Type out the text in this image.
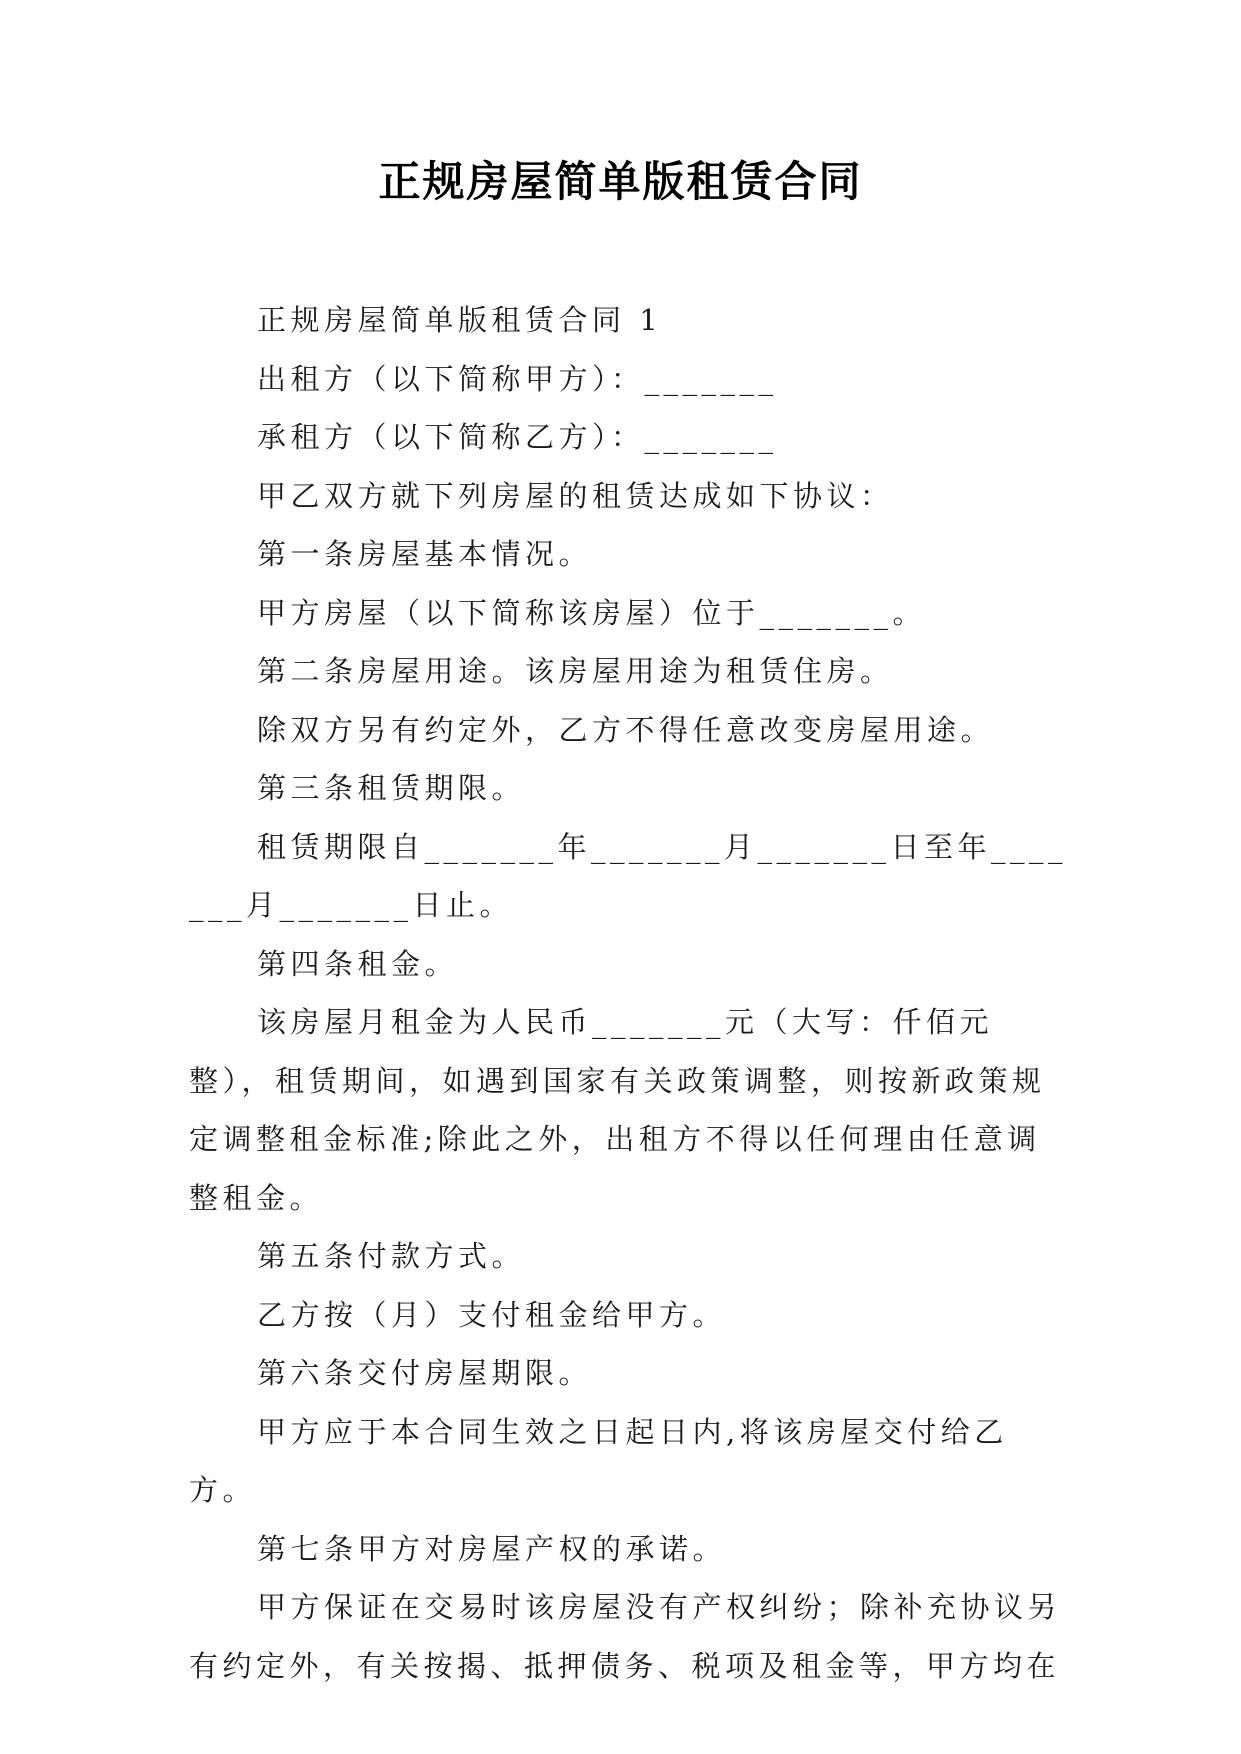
正规房屋简单版租赁合同

正规房屋简单版租赁合同 1

出租方（以下简称甲方）：_______

承租方（以下简称乙方）：_______

甲乙双方就下列房屋的租赁达成如下协议：

第一条房屋基本情况。

甲方房屋（以下简称该房屋）位于_______。

第二条房屋用途。该房屋用途为租赁住房。

除双方另有约定外，乙方不得任意改变房屋用途。

第三条租赁期限。

租赁期限自_______年_______月_______日至年_______月_______日止。

第四条租金。

该房屋月租金为人民币_______元（大写：仟佰元整），租赁期间，如遇到国家有关政策调整，则按新政策规定调整租金标准;除此之外，出租方不得以任何理由任意调整租金。

第五条付款方式。

乙方按（月）支付租金给甲方。

第六条交付房屋期限。

甲方应于本合同生效之日起日内,将该房屋交付给乙方。

第七条甲方对房屋产权的承诺。

甲方保证在交易时该房屋没有产权纠纷；除补充协议另有约定外，有关按揭、抵押债务、税项及租金等，甲方均在
